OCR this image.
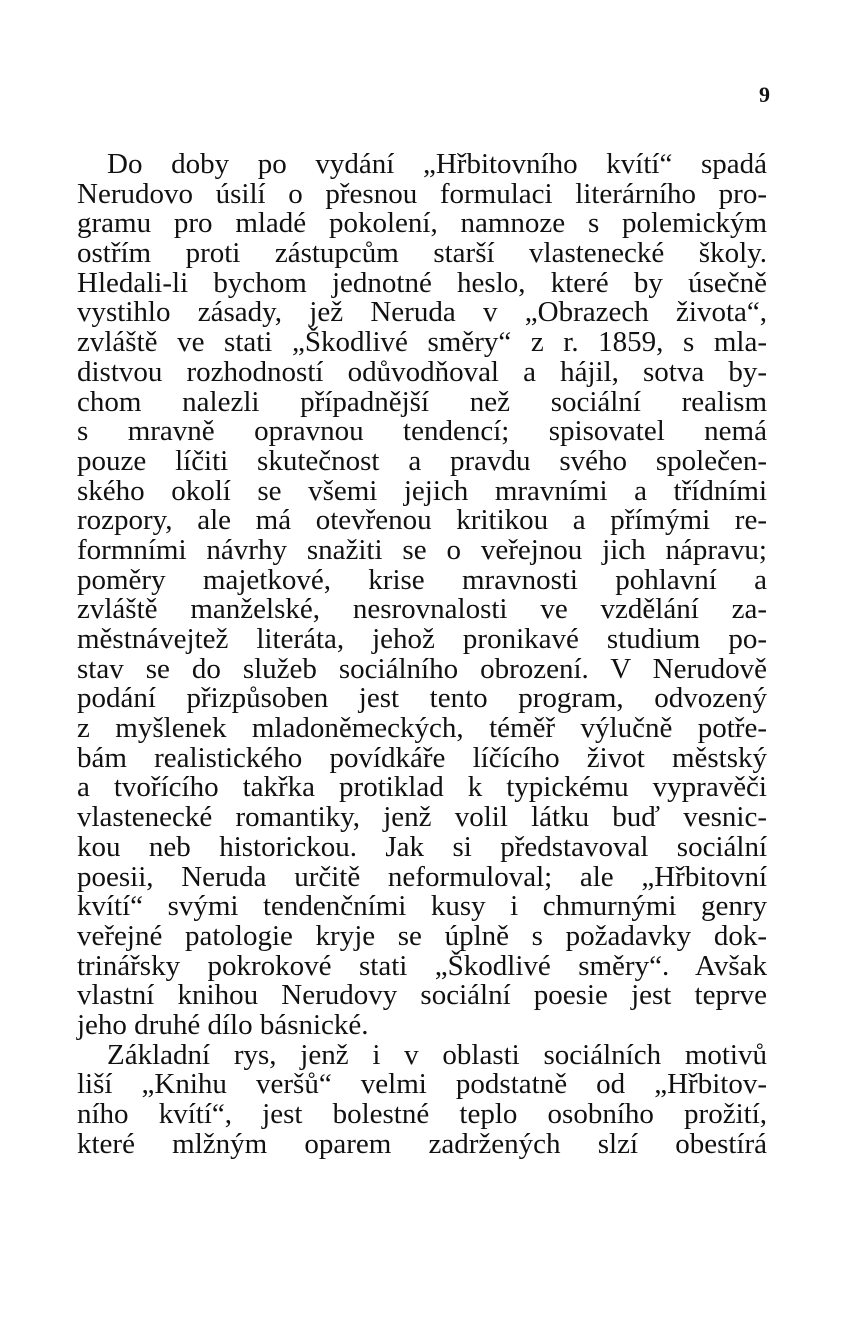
9
Do doby po vydání „Hřbitovního kvítí“ spadá
Nerudovo úsilí o přesnou formulaci literárního pro-
gramu pro mladé pokolení, namnoze s polemickým
ostřím proti zástupcům starší vlastenecké školy.
Hledali-li bychom jednotné heslo, které by úsečně
vystihlo zásady, jež Neruda v „Obrazech života“,
zvláště ve stati „Škodlivé směry“ z r. 1859, s mla-
distvou rozhodností odůvodňoval a hájil, sotva by-
chom nalezli případnější než sociální realism
s mravně opravnou tendencí; spisovatel nemá
pouze líčiti skutečnost a pravdu svého společen-
ského okolí se všemi jejich mravními a třídními
rozpory, ale má otevřenou kritikou a přímými re-
formními návrhy snažiti se o veřejnou jich nápravu;
poměry majetkové, krise mravnosti pohlavní a
zvláště manželské, nesrovnalosti ve vzdělání za-
městnávejtež literáta, jehož pronikavé studium po-
stav se do služeb sociálního obrození. V Nerudově
podání přizpůsoben jest tento program, odvozený
z myšlenek mladoněmeckých, téměř výlučně potře-
bám realistického povídkáře líčícího život městský
a tvořícího takřka protiklad k typickému vypravěči
vlastenecké romantiky, jenž volil látku buď vesnic-
kou neb historickou. Jak si představoval sociální
poesii, Neruda určitě neformuloval; ale „Hřbitovní
kvítí“ svými tendenčními kusy i chmurnými genry
veřejné patologie kryje se úplně s požadavky dok-
trinářsky pokrokové stati „Škodlivé směry“. Avšak
vlastní knihou Nerudovy sociální poesie jest teprve
jeho druhé dílo básnické.
Základní rys, jenž i v oblasti sociálních motivů
liší „Knihu veršů“ velmi podstatně od „Hřbitov-
ního kvítí“, jest bolestné teplo osobního prožití,
které mlžným oparem zadržených slzí obestírá
